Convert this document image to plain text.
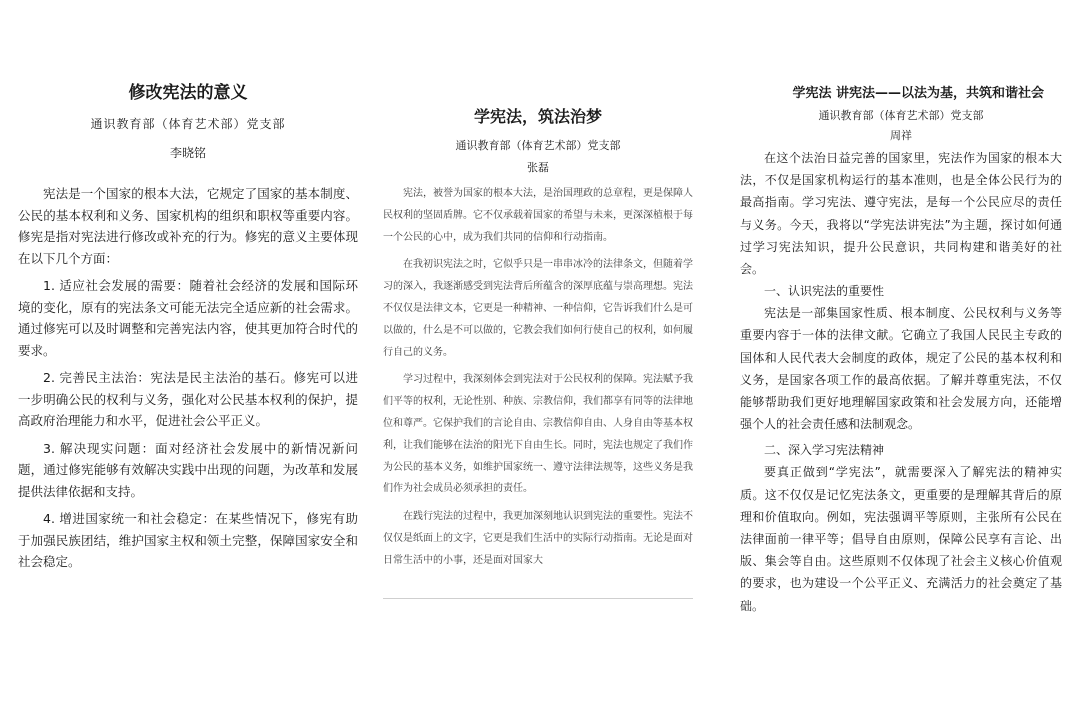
修改宪法的意义

通识教育部（体育艺术部）党支部

李晓铭

宪法是一个国家的根本大法，它规定了国家的基本制度、公民的基本权利和义务、国家机构的组织和职权等重要内容。修宪是指对宪法进行修改或补充的行为。修宪的意义主要体现在以下几个方面：

1. 适应社会发展的需要：随着社会经济的发展和国际环境的变化，原有的宪法条文可能无法完全适应新的社会需求。通过修宪可以及时调整和完善宪法内容，使其更加符合时代的要求。

2. 完善民主法治：宪法是民主法治的基石。修宪可以进一步明确公民的权利与义务，强化对公民基本权利的保护，提高政府治理能力和水平，促进社会公平正义。

3. 解决现实问题：面对经济社会发展中的新情况新问题，通过修宪能够有效解决实践中出现的问题，为改革和发展提供法律依据和支持。

4. 增进国家统一和社会稳定：在某些情况下，修宪有助于加强民族团结，维护国家主权和领土完整，保障国家安全和社会稳定。

学宪法，筑法治梦

通识教育部（体育艺术部）党支部

张磊

宪法，被誉为国家的根本大法，是治国理政的总章程，更是保障人民权利的坚固盾牌。它不仅承载着国家的希望与未来，更深深植根于每一个公民的心中，成为我们共同的信仰和行动指南。

在我初识宪法之时，它似乎只是一串串冰冷的法律条文，但随着学习的深入，我逐渐感受到宪法背后所蕴含的深厚底蕴与崇高理想。宪法不仅仅是法律文本，它更是一种精神、一种信仰，它告诉我们什么是可以做的，什么是不可以做的，它教会我们如何行使自己的权利，如何履行自己的义务。

学习过程中，我深刻体会到宪法对于公民权利的保障。宪法赋予我们平等的权利，无论性别、种族、宗教信仰，我们都享有同等的法律地位和尊严。它保护我们的言论自由、宗教信仰自由、人身自由等基本权利，让我们能够在法治的阳光下自由生长。同时，宪法也规定了我们作为公民的基本义务，如维护国家统一、遵守法律法规等，这些义务是我们作为社会成员必须承担的责任。

在践行宪法的过程中，我更加深刻地认识到宪法的重要性。宪法不仅仅是纸面上的文字，它更是我们生活中的实际行动指南。无论是面对日常生活中的小事，还是面对国家大

学宪法 讲宪法——以法为基，共筑和谐社会

通识教育部（体育艺术部）党支部

周祥

在这个法治日益完善的国家里，宪法作为国家的根本大法，不仅是国家机构运行的基本准则，也是全体公民行为的最高指南。学习宪法、遵守宪法，是每一个公民应尽的责任与义务。今天，我将以“学宪法讲宪法”为主题，探讨如何通过学习宪法知识，提升公民意识，共同构建和谐美好的社会。

一、认识宪法的重要性

宪法是一部集国家性质、根本制度、公民权利与义务等重要内容于一体的法律文献。它确立了我国人民民主专政的国体和人民代表大会制度的政体，规定了公民的基本权利和义务，是国家各项工作的最高依据。了解并尊重宪法，不仅能够帮助我们更好地理解国家政策和社会发展方向，还能增强个人的社会责任感和法制观念。

二、深入学习宪法精神

要真正做到“学宪法”，就需要深入了解宪法的精神实质。这不仅仅是记忆宪法条文，更重要的是理解其背后的原理和价值取向。例如，宪法强调平等原则，主张所有公民在法律面前一律平等；倡导自由原则，保障公民享有言论、出版、集会等自由。这些原则不仅体现了社会主义核心价值观的要求，也为建设一个公平正义、充满活力的社会奠定了基础。
